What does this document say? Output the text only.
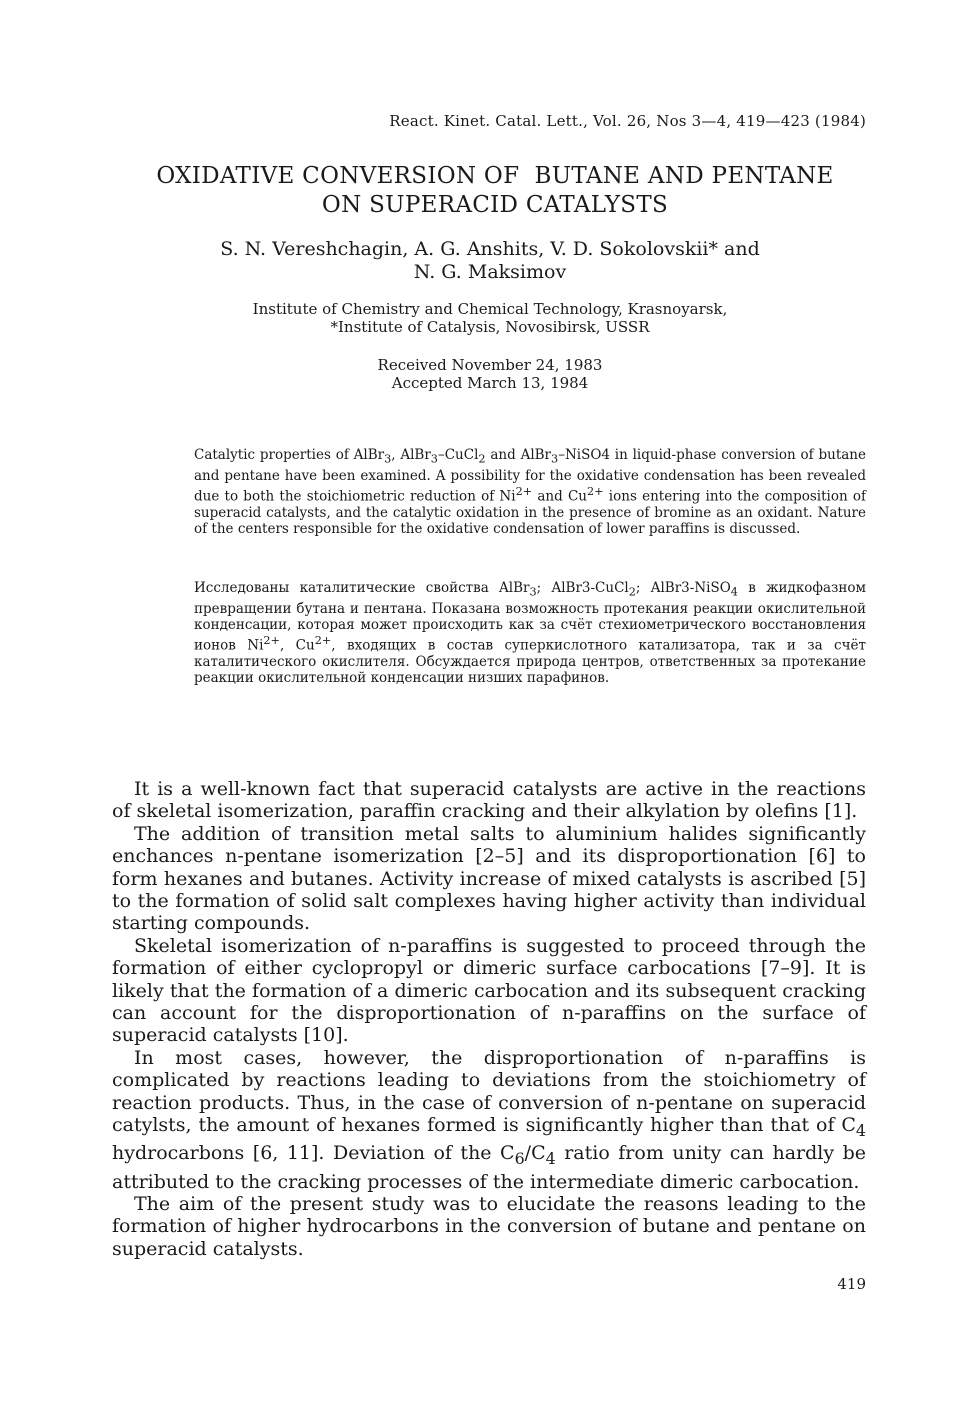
React. Kinet. Catal. Lett., Vol. 26, Nos 3—4, 419—423 (1984)
OXIDATIVE CONVERSION OF  BUTANE AND PENTANE
ON SUPERACID CATALYSTS
S. N. Vereshchagin, A. G. Anshits, V. D. Sokolovskii* and
N. G. Maksimov
Institute of Chemistry and Chemical Technology, Krasnoyarsk,
*Institute of Catalysis, Novosibirsk, USSR
Received November 24, 1983
Accepted March 13, 1984
Catalytic properties of AlBr$_3$, AlBr$_3$–CuCl$_2$ and AlBr$_3$–NiSO4 in liquid-phase conversion of butane and pentane have been examined. A possibility for the oxidative condensation has been revealed due to both the stoichiometric reduction of $Ni^{2+}$ and $Cu^{2+}$ ions entering into the composition of superacid catalysts, and the catalytic oxidation in the presence of bromine as an oxidant. Nature of the centers responsible for the oxidative condensation of lower paraffins is discussed.
Исследованы каталитические свойства AlBr$_3$; AlBr3-CuCl$_2$; AlBr3-NiSO$_4$ в жидкофазном превращении бутана и пентана. Показана возможность протекания реакции окислительной конденсации, которая может происходить как за счёт стехиометрического восстановления ионов $Ni^{2+}$, $Cu^{2+}$, входящих в состав суперкислотного катализатора, так и за счёт каталитического окислителя. Обсуждается природа центров, ответственных за протекание реакции окислительной конденсации низших парафинов.

It is a well-known fact that superacid catalysts are active in the reactions of skeletal isomerization, paraffin cracking and their alkylation by olefins [1].

The addition of transition metal salts to aluminium halides significantly enchances n-pentane isomerization [2–5] and its disproportionation [6] to form hexanes and butanes. Activity increase of mixed catalysts is ascribed [5] to the formation of solid salt complexes having higher activity than individual starting compounds.

Skeletal isomerization of n-paraffins is suggested to proceed through the formation of either cyclopropyl or dimeric surface carbocations [7–9]. It is likely that the formation of a dimeric carbocation and its subsequent cracking can account for the disproportionation of n-paraffins on the surface of superacid catalysts [10].

In most cases, however, the disproportionation of n-paraffins is complicated by reactions leading to deviations from the stoichiometry of reaction products. Thus, in the case of conversion of n-pentane on superacid catylsts, the amount of hexanes formed is significantly higher than that of $C_4$ hydrocarbons [6, 11]. Deviation of the $C_6/C_4$ ratio from unity can hardly be attributed to the cracking processes of the intermediate dimeric carbocation.

The aim of the present study was to elucidate the reasons leading to the formation of higher hydrocarbons in the conversion of butane and pentane on superacid catalysts.

419
